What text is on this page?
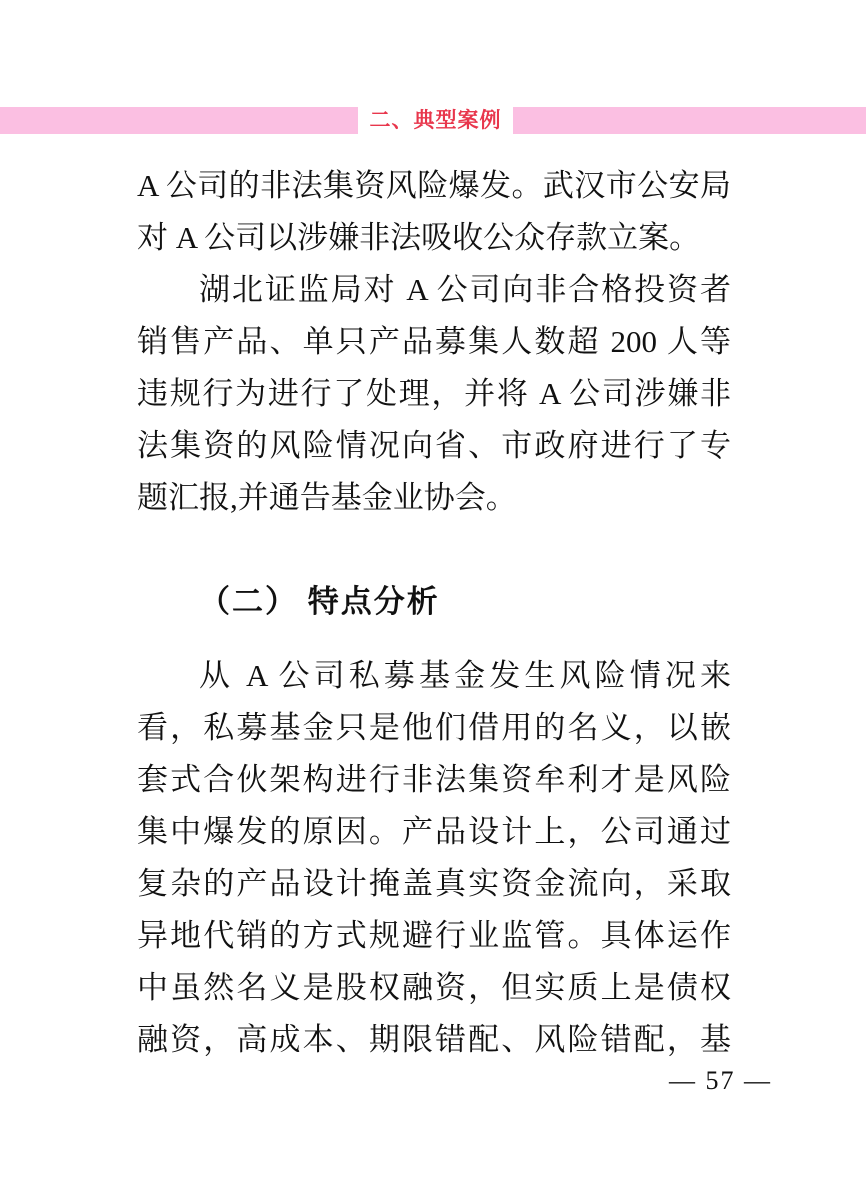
二、典型案例
A 公司的非法集资风险爆发。武汉市公安局
对 A 公司以涉嫌非法吸收公众存款立案。
湖北证监局对 A 公司向非合格投资者
销售产品、单只产品募集人数超 200 人等
违规行为进行了处理，并将 A 公司涉嫌非
法集资的风险情况向省、市政府进行了专
题汇报,并通告基金业协会。
（二） 特点分析
从 A 公司私募基金发生风险情况来
看，私募基金只是他们借用的名义，以嵌
套式合伙架构进行非法集资牟利才是风险
集中爆发的原因。产品设计上，公司通过
复杂的产品设计掩盖真实资金流向，采取
异地代销的方式规避行业监管。具体运作
中虽然名义是股权融资，但实质上是债权
融资，高成本、期限错配、风险错配，基
— 57 —
